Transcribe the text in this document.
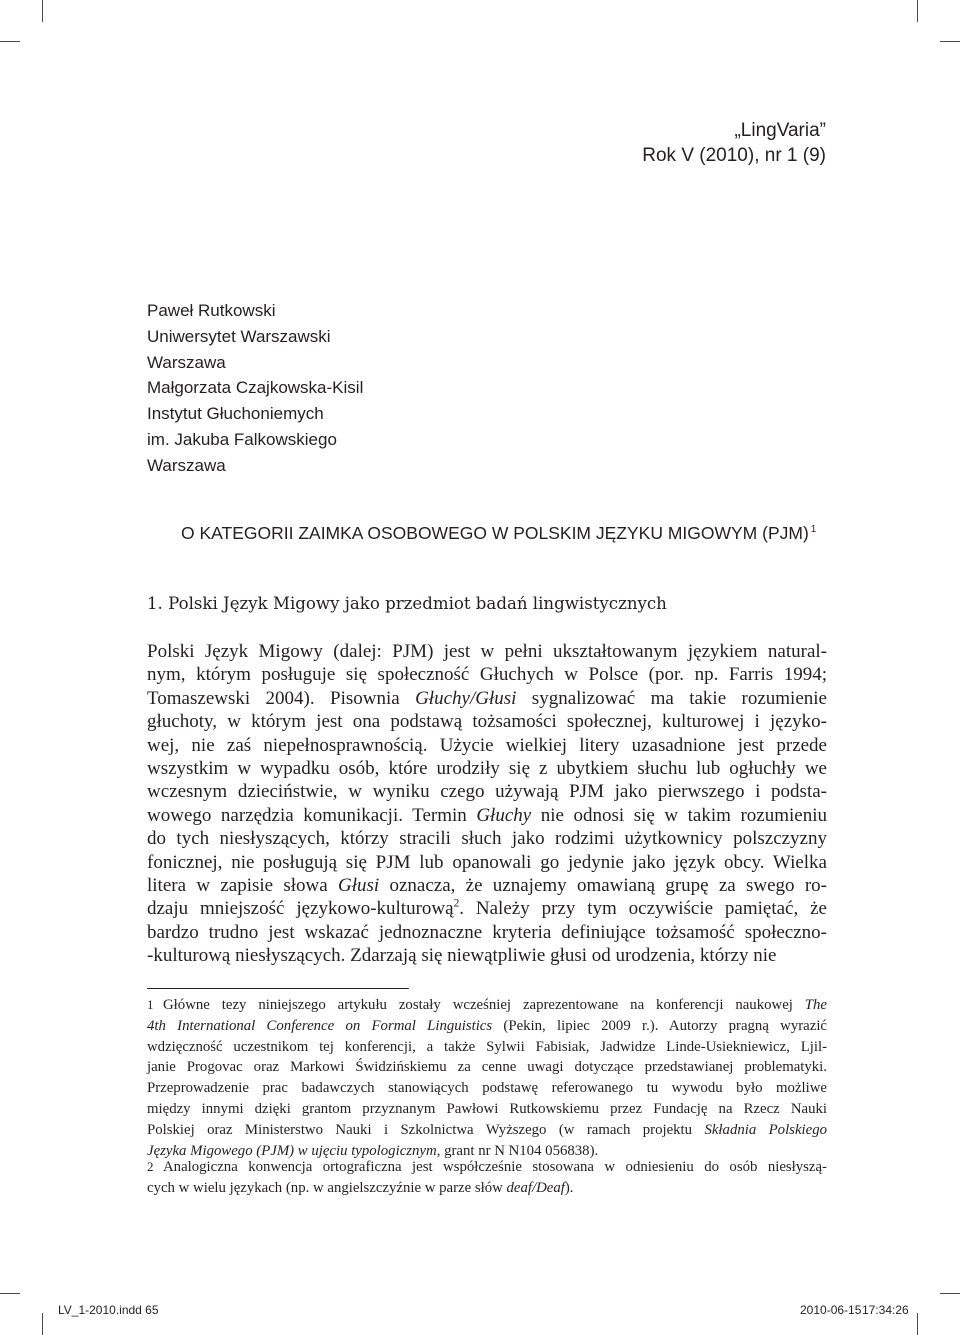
„LingVaria”
Rok V (2010), nr 1 (9)
Paweł Rutkowski
Uniwersytet Warszawski
Warszawa
Małgorzata Czajkowska-Kisil
Instytut Głuchoniemych
im. Jakuba Falkowskiego
Warszawa
O KATEGORII ZAIMKA OSOBOWEGO W POLSKIM JĘZYKU MIGOWYM (PJM) $^1$
1. Polski Język Migowy jako przedmiot badań lingwistycznych
Polski Język Migowy (dalej: PJM) jest w pełni ukształtowanym językiem natural-
nym, którym posługuje się społeczność Głuchych w Polsce (por. np. Farris 1994;
Tomaszewski 2004). Pisownia Głuchy/Głusi sygnalizować ma takie rozumienie
głuchoty, w którym jest ona podstawą tożsamości społecznej, kulturowej i języko-
wej, nie zaś niepełnosprawnością. Użycie wielkiej litery uzasadnione jest przede
wszystkim w wypadku osób, które urodziły się z ubytkiem słuchu lub ogłuchły we
wczesnym dzieciństwie, w wyniku czego używają PJM jako pierwszego i podsta-
wowego narzędzia komunikacji. Termin Głuchy nie odnosi się w takim rozumieniu
do tych niesłyszących, którzy stracili słuch jako rodzimi użytkownicy polszczyzny
fonicznej, nie posługują się PJM lub opanowali go jedynie jako język obcy. Wielka
litera w zapisie słowa Głusi oznacza, że uznajemy omawianą grupę za swego ro-
dzaju mniejszość językowo-kulturową$^2$. Należy przy tym oczywiście pamiętać, że
bardzo trudno jest wskazać jednoznaczne kryteria definiujące tożsamość społeczno-
-kulturową niesłyszących. Zdarzają się niewątpliwie głusi od urodzenia, którzy nie
1 Główne tezy niniejszego artykułu zostały wcześniej zaprezentowane na konferencji naukowej The
4th International Conference on Formal Linguistics (Pekin, lipiec 2009 r.). Autorzy pragną wyrazić
wdzięczność uczestnikom tej konferencji, a także Sylwii Fabisiak, Jadwidze Linde-Usiekniewicz, Ljil-
janie Progovac oraz Markowi Świdzińskiemu za cenne uwagi dotyczące przedstawianej problematyki.
Przeprowadzenie prac badawczych stanowiących podstawę referowanego tu wywodu było możliwe
między innymi dzięki grantom przyznanym Pawłowi Rutkowskiemu przez Fundację na Rzecz Nauki
Polskiej oraz Ministerstwo Nauki i Szkolnictwa Wyższego (w ramach projektu Składnia Polskiego
Języka Migowego (PJM) w ujęciu typologicznym, grant nr N N104 056838).
2 Analogiczna konwencja ortograficzna jest współcześnie stosowana w odniesieniu do osób niesłyszą-
cych w wielu językach (np. w angielszczyźnie w parze słów deaf/Deaf).
LV_1-2010.indd 65	2010-06-15 17:34:26
